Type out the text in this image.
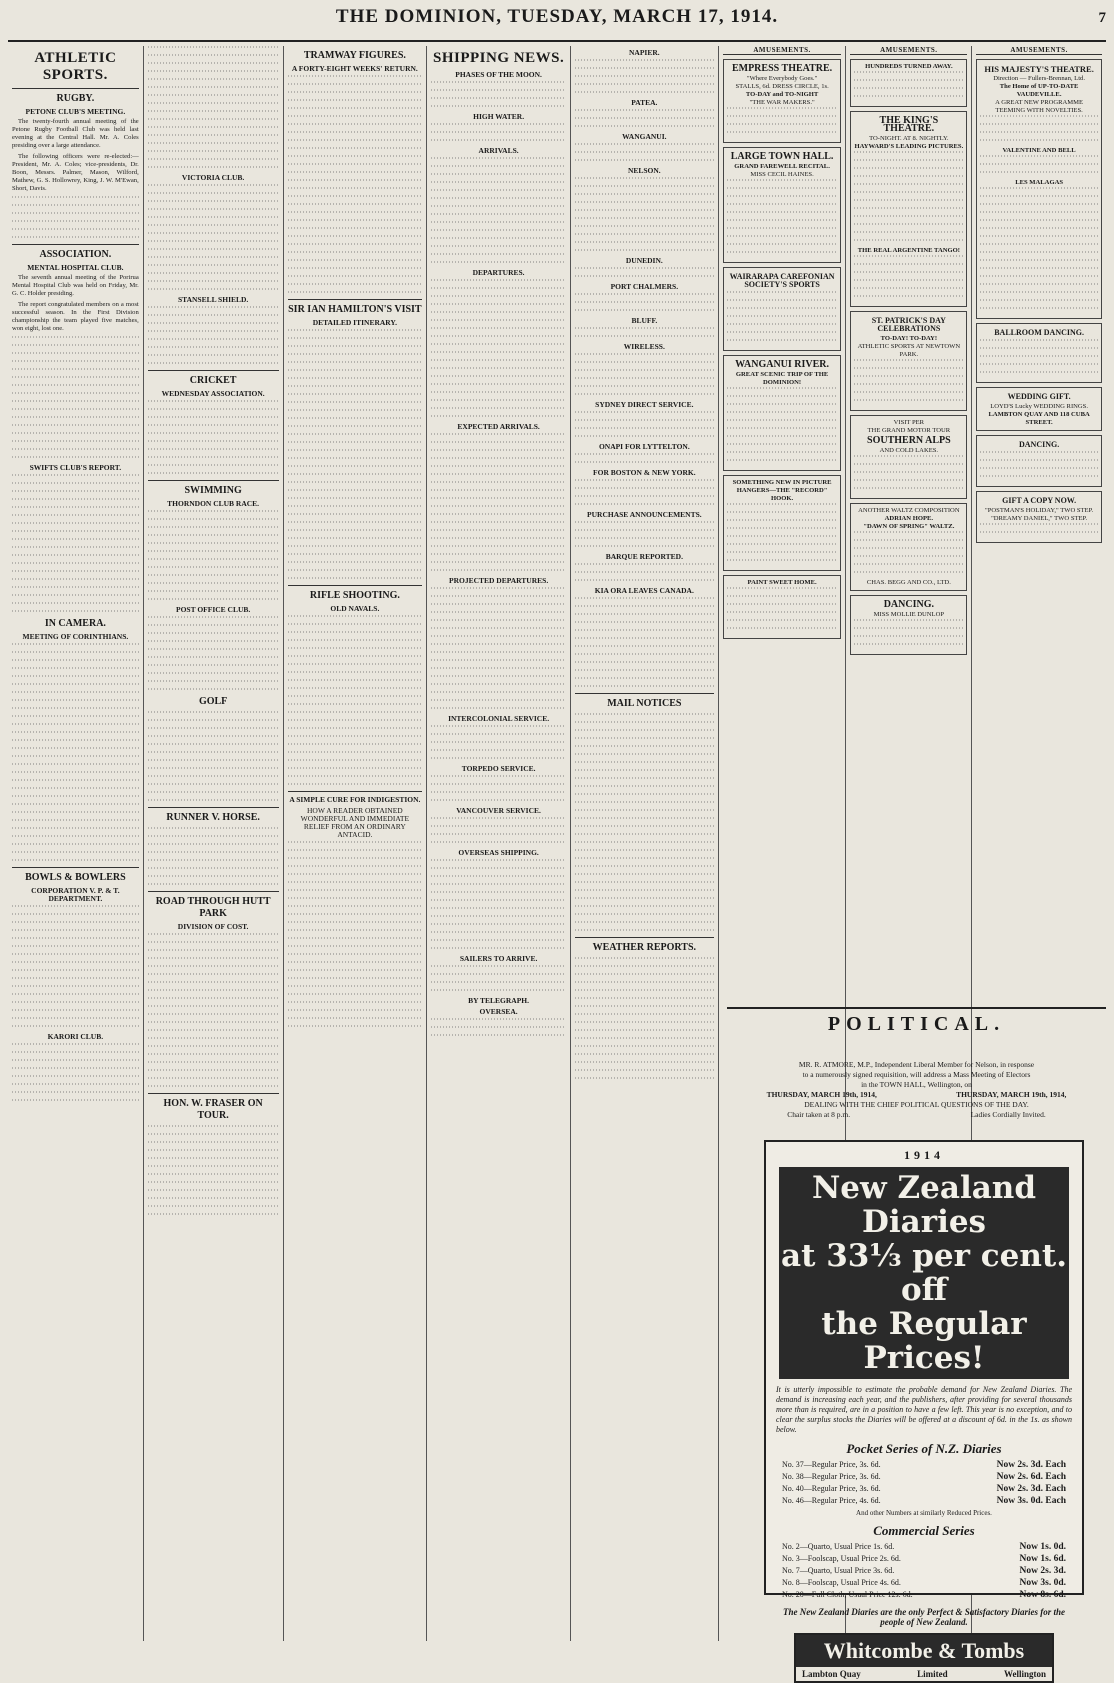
THE DOMINION, TUESDAY, MARCH 17, 1914.	7
ATHLETIC SPORTS.
RUGBY.
PETONE CLUB'S MEETING.

The twenty-fourth annual meeting of the Petone Rugby Football Club was held last evening at the Central Hall. Mr. A. Coles presiding over a large attendance.

The following officers were re-elected:—President, Mr. A. Coles; vice-presidents, Dr. Boon, Messrs. Palmer, Mason, Wilford, Mathew, G. S. Hollowrey, King, J. W. M'Ewan, Short, Davis.

ASSOCIATION.
MENTAL HOSPITAL CLUB.

The seventh annual meeting of the Porirua Mental Hospital Club was held on Friday, Mr. G. C. Holder presiding.

The report congratulated members on a most successful season. In the First Division championship the team played five matches, won eight, lost one.

SWIFTS CLUB'S REPORT.
IN CAMERA.
MEETING OF CORINTHIANS.
BOWLS & BOWLERS
CORPORATION V. P. & T. DEPARTMENT.
KARORI CLUB.
VICTORIA CLUB.
STANSELL SHIELD.
CRICKET
WEDNESDAY ASSOCIATION.
SWIMMING
THORNDON CLUB RACE.
POST OFFICE CLUB.
GOLF
RUNNER V. HORSE.
ROAD THROUGH HUTT PARK
DIVISION OF COST.
HON. W. FRASER ON TOUR.
TRAMWAY FIGURES.
A FORTY-EIGHT WEEKS' RETURN.
SIR IAN HAMILTON'S VISIT
DETAILED ITINERARY.
RIFLE SHOOTING.
OLD NAVALS.
A SIMPLE CURE FOR INDIGESTION.
HOW A READER OBTAINED WONDERFUL AND IMMEDIATE RELIEF FROM AN ORDINARY ANTACID.
SHIPPING NEWS.
PHASES OF THE MOON.
HIGH WATER.
ARRIVALS.
DEPARTURES.
EXPECTED ARRIVALS.
PROJECTED DEPARTURES.
INTERCOLONIAL SERVICE.
TORPEDO SERVICE.
VANCOUVER SERVICE.
OVERSEAS SHIPPING.
SAILERS TO ARRIVE.
BY TELEGRAPH.
OVERSEA.
NAPIER.
PATEA.
WANGANUI.
NELSON.
DUNEDIN.
PORT CHALMERS.
BLUFF.
WIRELESS.
SYDNEY DIRECT SERVICE.
ONAPI FOR LYTTELTON.
FOR BOSTON & NEW YORK.
PURCHASE ANNOUNCEMENTS.
BARQUE REPORTED.
KIA ORA LEAVES CANADA.
MAIL NOTICES
WEATHER REPORTS.
AMUSEMENTS.
EMPRESS THEATRE.
"Where Everybody Goes."
STALLS, 6d. DRESS CIRCLE, 1s.
TO-DAY and TO-NIGHT
"THE WAR MAKERS."
LARGE TOWN HALL.
GRAND FAREWELL RECITAL.
MISS CECIL HAINES.
WAIRARAPA CAREFONIAN SOCIETY'S SPORTS
WANGANUI RIVER.
GREAT SCENIC TRIP OF THE DOMINION!
SOMETHING NEW IN PICTURE HANGERS—THE "RECORD" HOOK.
PAINT SWEET HOME.
AMUSEMENTS.
HUNDREDS TURNED AWAY.
THE KING'S THEATRE.
TO-NIGHT. AT 8. NIGHTLY.
HAYWARD'S LEADING PICTURES.
THE REAL ARGENTINE TANGO!
ST. PATRICK'S DAY CELEBRATIONS
TO-DAY! TO-DAY!
ATHLETIC SPORTS AT NEWTOWN PARK.
VISIT PER
THE GRAND MOTOR TOUR
SOUTHERN ALPS
AND COLD LAKES.
ANOTHER WALTZ COMPOSITION
ADRIAN HOPE.
"DAWN OF SPRING" WALTZ.
CHAS. BEGG AND CO., LTD.
DANCING.
MISS MOLLIE DUNLOP
AMUSEMENTS.
HIS MAJESTY'S THEATRE.
Direction — Fullers-Brennan, Ltd.
The Home of UP-TO-DATE VAUDEVILLE.
A GREAT NEW PROGRAMME TEEMING WITH NOVELTIES.
VALENTINE AND BELL
LES MALAGAS
BALLROOM DANCING.
WEDDING GIFT.
LOYD'S Lucky WEDDING RINGS.
LAMBTON QUAY AND 118 CUBA STREET.
DANCING.
GIFT A COPY NOW.
"POSTMAN'S HOLIDAY," TWO STEP.
"DREAMY DANIEL," TWO STEP.
POLITICAL.
MR. R. ATMORE, M.P., Independent Liberal Member for Nelson, in response
to a numerously signed requisition, will address a Mass Meeting of Electors
in the TOWN HALL, Wellington, on
THURSDAY, MARCH 19th, 1914,	THURSDAY, MARCH 19th, 1914,
DEALING WITH THE CHIEF POLITICAL QUESTIONS OF THE DAY.
Chair taken at 8 p.m.	Ladies Cordially Invited.
1914
New Zealand Diaries
at 33⅓ per cent. off
the Regular Prices!
It is utterly impossible to estimate the probable demand for New Zealand Diaries. The demand is increasing each year, and the publishers, after providing for several thousands more than is required, are in a position to have a few left. This year is no exception, and to clear the surplus stocks the Diaries will be offered at a discount of 6d. in the 1s. as shown below.
Pocket Series of N.Z. Diaries
No. 37—Regular Price, 3s. 6d.	Now 2s. 3d. Each
No. 38—Regular Price, 3s. 6d.	Now 2s. 6d. Each
No. 40—Regular Price, 3s. 6d.	Now 2s. 3d. Each
No. 46—Regular Price, 4s. 6d.	Now 3s. 0d. Each
And other Numbers at similarly Reduced Prices.
Commercial Series
No. 2—Quarto, Usual Price 1s. 6d.	Now 1s. 0d.
No. 3—Foolscap, Usual Price 2s. 6d.	Now 1s. 6d.
No. 7—Quarto, Usual Price 3s. 6d.	Now 2s. 3d.
No. 8—Foolscap, Usual Price 4s. 6d.	Now 3s. 0d.
No. 20—Full Cloth, Usual Price 12s. 6d.	Now 8s. 6d.
The New Zealand Diaries are the only Perfect & Satisfactory Diaries for the people of New Zealand.
Whitcombe & Tombs
Lambton Quay	Limited	Wellington
